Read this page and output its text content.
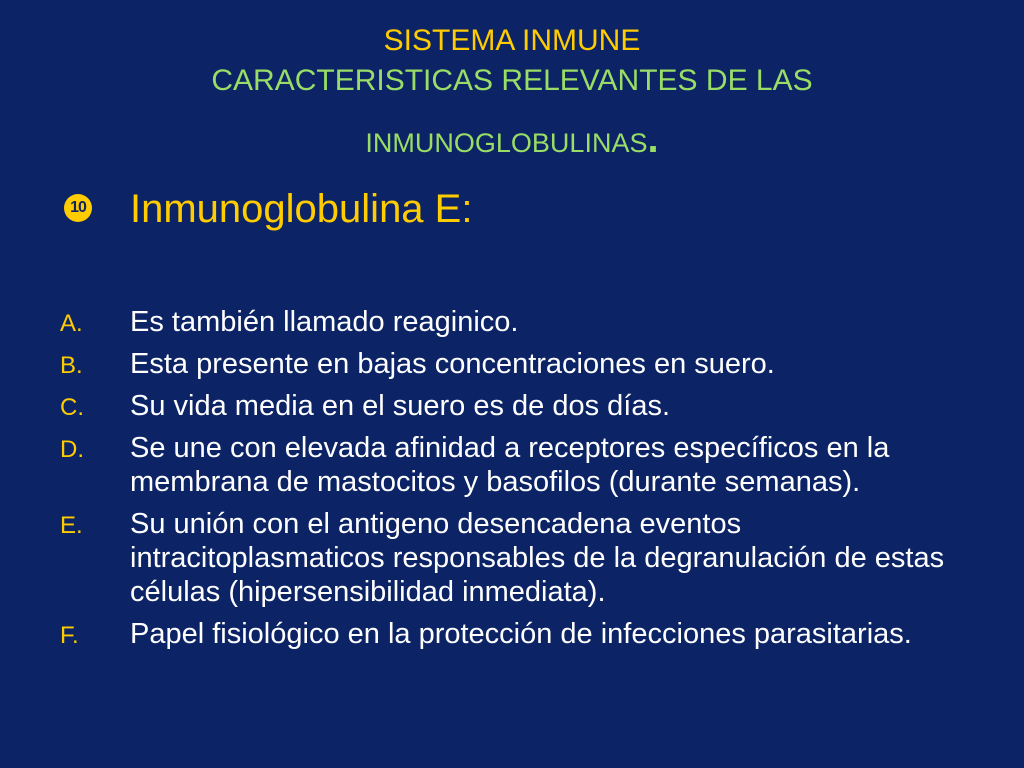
SISTEMA INMUNE
CARACTERISTICAS RELEVANTES DE LAS
INMUNOGLOBULINAS.
10 Inmunoglobulina E:
A. Es también llamado reaginico.
B. Esta presente en bajas concentraciones en suero.
C. Su vida media en el suero es de dos días.
D. Se une con elevada afinidad a receptores específicos en la membrana de mastocitos y basofilos (durante semanas).
E. Su unión con el antigeno desencadena eventos intracitoplasmaticos responsables de la degranulación de estas células (hipersensibilidad inmediata).
F. Papel fisiológico en la protección de infecciones parasitarias.
